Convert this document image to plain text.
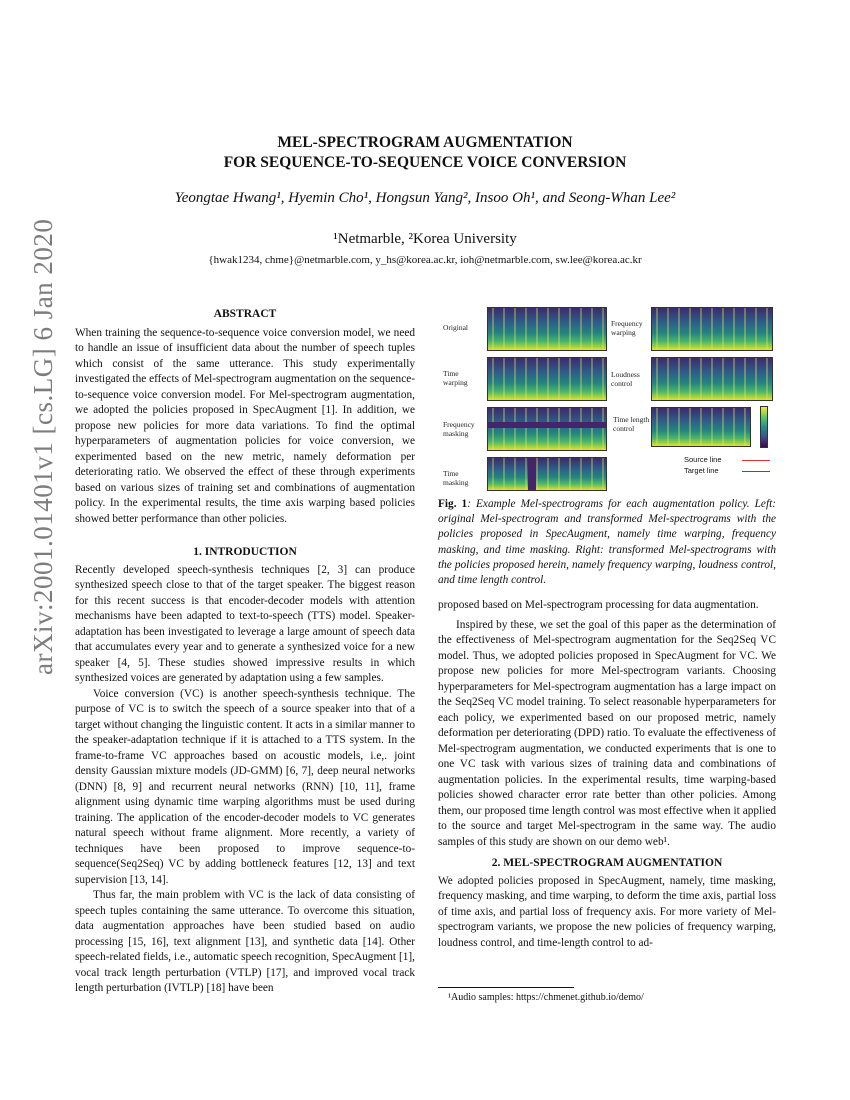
arXiv:2001.01401v1 [cs.LG] 6 Jan 2020
MEL-SPECTROGRAM AUGMENTATION
FOR SEQUENCE-TO-SEQUENCE VOICE CONVERSION
Yeongtae Hwang¹, Hyemin Cho¹, Hongsun Yang², Insoo Oh¹, and Seong-Whan Lee²
¹Netmarble, ²Korea University
{hwak1234, chme}@netmarble.com, y_hs@korea.ac.kr, ioh@netmarble.com, sw.lee@korea.ac.kr
ABSTRACT

When training the sequence-to-sequence voice conversion model, we need to handle an issue of insufficient data about the number of speech tuples which consist of the same utterance. This study experimentally investigated the effects of Mel-spectrogram augmentation on the sequence-to-sequence voice conversion model. For Mel-spectrogram augmentation, we adopted the policies proposed in SpecAugment [1]. In addition, we propose new policies for more data variations. To find the optimal hyperparameters of augmentation policies for voice conversion, we experimented based on the new metric, namely deformation per deteriorating ratio. We observed the effect of these through experiments based on various sizes of training set and combinations of augmentation policy. In the experimental results, the time axis warping based policies showed better performance than other policies.

1. INTRODUCTION

Recently developed speech-synthesis techniques [2, 3] can produce synthesized speech close to that of the target speaker. The biggest reason for this recent success is that encoder-decoder models with attention mechanisms have been adapted to text-to-speech (TTS) model. Speaker-adaptation has been investigated to leverage a large amount of speech data that accumulates every year and to generate a synthesized voice for a new speaker [4, 5]. These studies showed impressive results in which synthesized voices are generated by adaptation using a few samples.

Voice conversion (VC) is another speech-synthesis technique. The purpose of VC is to switch the speech of a source speaker into that of a target without changing the linguistic content. It acts in a similar manner to the speaker-adaptation technique if it is attached to a TTS system. In the frame-to-frame VC approaches based on acoustic models, i.e,. joint density Gaussian mixture models (JD-GMM) [6, 7], deep neural networks (DNN) [8, 9] and recurrent neural networks (RNN) [10, 11], frame alignment using dynamic time warping algorithms must be used during training. The application of the encoder-decoder models to VC generates natural speech without frame alignment. More recently, a variety of techniques have been proposed to improve sequence-to-sequence(Seq2Seq) VC by adding bottleneck features [12, 13] and text supervision [13, 14].

Thus far, the main problem with VC is the lack of data consisting of speech tuples containing the same utterance. To overcome this situation, data augmentation approaches have been studied based on audio processing [15, 16], text alignment [13], and synthetic data [14]. Other speech-related fields, i.e., automatic speech recognition, SpecAugment [1], vocal track length perturbation (VTLP) [17], and improved vocal track length perturbation (IVTLP) [18] have been

Original
Time warping
Frequency masking
Time masking
Frequency warping
Loudness control
Time length control
Source line
Target line
Fig. 1: Example Mel-spectrograms for each augmentation policy. Left: original Mel-spectrogram and transformed Mel-spectrograms with the policies proposed in SpecAugment, namely time warping, frequency masking, and time masking. Right: transformed Mel-spectrograms with the policies proposed herein, namely frequency warping, loudness control, and time length control.

proposed based on Mel-spectrogram processing for data augmentation.

Inspired by these, we set the goal of this paper as the determination of the effectiveness of Mel-spectrogram augmentation for the Seq2Seq VC model. Thus, we adopted policies proposed in SpecAugment for VC. We propose new policies for more Mel-spectrogram variants. Choosing hyperparameters for Mel-spectrogram augmentation has a large impact on the Seq2Seq VC model training. To select reasonable hyperparameters for each policy, we experimented based on our proposed metric, namely deformation per deteriorating (DPD) ratio. To evaluate the effectiveness of Mel-spectrogram augmentation, we conducted experiments that is one to one VC task with various sizes of training data and combinations of augmentation policies. In the experimental results, time warping-based policies showed character error rate better than other policies. Among them, our proposed time length control was most effective when it applied to the source and target Mel-spectrogram in the same way. The audio samples of this study are shown on our demo web¹.

2. MEL-SPECTROGRAM AUGMENTATION

We adopted policies proposed in SpecAugment, namely, time masking, frequency masking, and time warping, to deform the time axis, partial loss of time axis, and partial loss of frequency axis. For more variety of Mel-spectrogram variants, we propose the new policies of frequency warping, loudness control, and time-length control to ad-

¹Audio samples: https://chmenet.github.io/demo/
